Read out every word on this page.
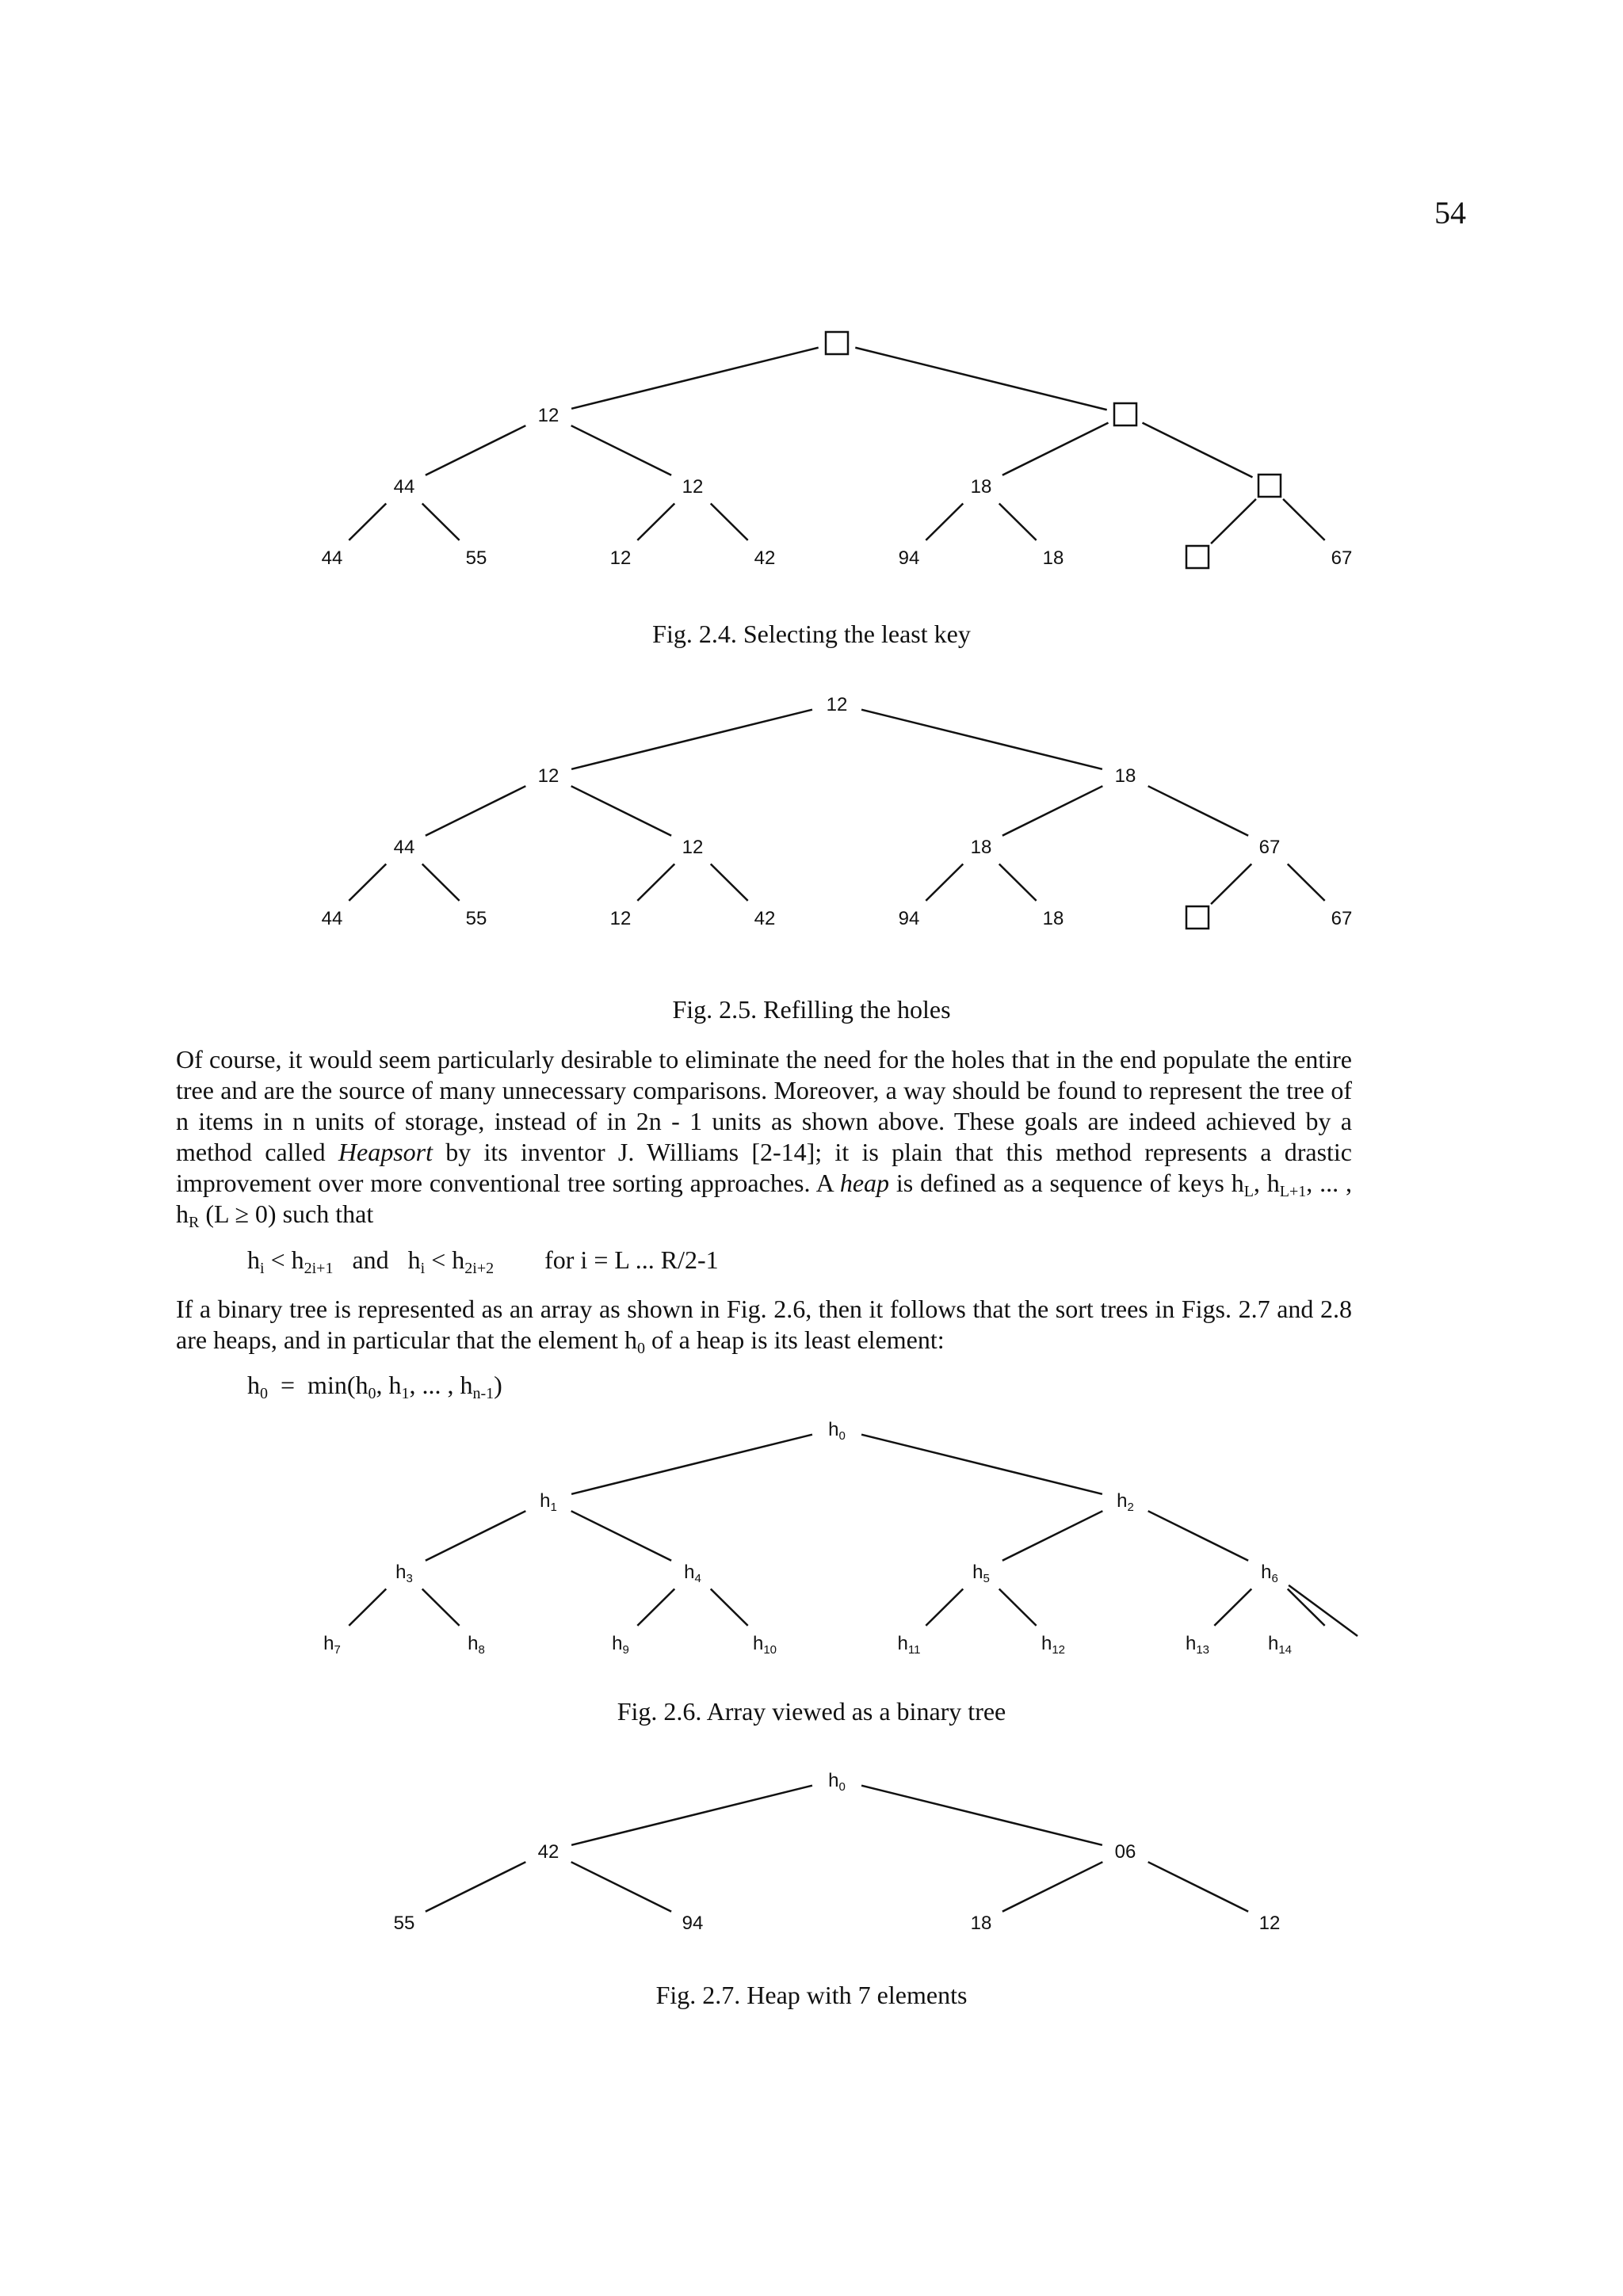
54
12
44	12	18
44	55	12	42	94	18	67
Fig. 2.4. Selecting the least key
12
12	18
44	12	18	67
44	55	12	42	94	18	67
Fig. 2.5. Refilling the holes

Of course, it would seem particularly desirable to eliminate the need for the holes that in the end populate the entire tree and are the source of many unnecessary comparisons. Moreover, a way should be found to represent the tree of n items in n units of storage, instead of in 2n - 1 units as shown above. These goals are indeed achieved by a method called Heapsort by its inventor J. Williams [2-14]; it is plain that this method represents a drastic improvement over more conventional tree sorting approaches. A heap is defined as a sequence of keys $h_L$, $h_{L+1}$, ... , $h_R$ (L ≥ 0) such that

$h_i < h_{2i+1}$   and   $h_i < h_{2i+2}$        for i = L ... R/2-1

If a binary tree is represented as an array as shown in Fig. 2.6, then it follows that the sort trees in Figs. 2.7 and 2.8 are heaps, and in particular that the element $h_0$ of a heap is its least element:

$h_0 = \min(h_0$, $h_1$, ... , $h_{n-1}$)
$h_0$
$h_1$	$h_2$
$h_3$	$h_4$	$h_5$	$h_6$
$h_7$	$h_8$	$h_9$	$h_{10}$	$h_{11}$	$h_{12}$	$h_{13}$	$h_{14}$
Fig. 2.6. Array viewed as a binary tree
$h_0$
42	06
55	94	18	12
Fig. 2.7. Heap with 7 elements
